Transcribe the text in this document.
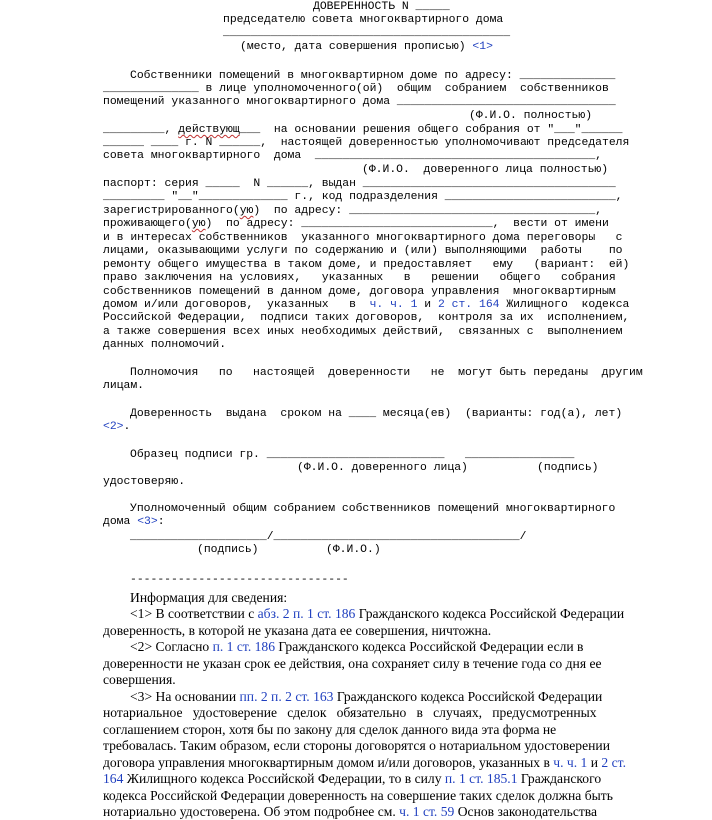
ДОВЕРЕННОСТЬ N _____
председателю совета многоквартирного дома
__________________________________________
(место, дата совершения прописью) <1>
Собственники помещений в многоквартирном доме по адресу: ______________
______________ в лице уполномоченного(ой)  общим  собранием  собственников
помещений указанного многоквартирного дома ________________________________
(Ф.И.О. полностью)
_________, действующ___  на основании решения общего собрания от "___"______
______ ____ г. N ______,  настоящей доверенностью уполномочивают председателя
совета многоквартирного  дома  _________________________________________,
(Ф.И.О.  доверенного лица полностью)
паспорт: серия _____  N ______, выдан _____________________________________
_________ "__"_____________ г., код подразделения _________________________,
зарегистрированного(ую)  по адресу: ____________________________________,
проживающего(ую)  по адресу: ____________________________,  вести от имени
и в интересах собственников  указанного многоквартирного дома переговоры   с
лицами, оказывающими услуги по содержанию и (или) выполняющими  работы    по
ремонту общего имущества в таком доме, и предоставляет   ему   (вариант:  ей)
право заключения на условиях,   указанных   в   решении   общего   собрания
собственников помещений в данном доме, договора управления  многоквартирным
домом и/или договоров,  указанных   в  ч. ч. 1 и 2 ст. 164 Жилищного  кодекса
Российской Федерации,  подписи таких договоров,  контроля за их  исполнением,
а также совершения всех иных необходимых действий,  связанных с  выполнением
данных полномочий.
Полномочия   по   настоящей  доверенности   не  могут быть переданы  другим
лицам.
Доверенность  выдана  сроком на ____ месяца(ев)  (варианты: год(а), лет)
<2>.
Образец подписи гр. __________________________   ________________
(Ф.И.О. доверенного лица)	(подпись)
удостоверяю.
Уполномоченный общим собранием собственников помещений многоквартирного
дома <3>:
____________________/____________________________________/
(подпись)	(Ф.И.О.)
--------------------------------
Информация для сведения:
<1> В соответствии с абз. 2 п. 1 ст. 186 Гражданского кодекса Российской Федерации
доверенность, в которой не указана дата ее совершения, ничтожна.
<2> Согласно п. 1 ст. 186 Гражданского кодекса Российской Федерации если в
доверенности не указан срок ее действия, она сохраняет силу в течение года со дня ее
совершения.
<3> На основании пп. 2 п. 2 ст. 163 Гражданского кодекса Российской Федерации
нотариальное   удостоверение   сделок   обязательно   в   случаях,   предусмотренных
соглашением сторон, хотя бы по закону для сделок данного вида эта форма не
требовалась. Таким образом, если стороны договорятся о нотариальном удостоверении
договора управления многоквартирным домом и/или договоров, указанных в ч. ч. 1 и 2 ст.
164 Жилищного кодекса Российской Федерации, то в силу п. 1 ст. 185.1 Гражданского
кодекса Российской Федерации доверенность на совершение таких сделок должна быть
нотариально удостоверена. Об этом подробнее см. ч. 1 ст. 59 Основ законодательства
